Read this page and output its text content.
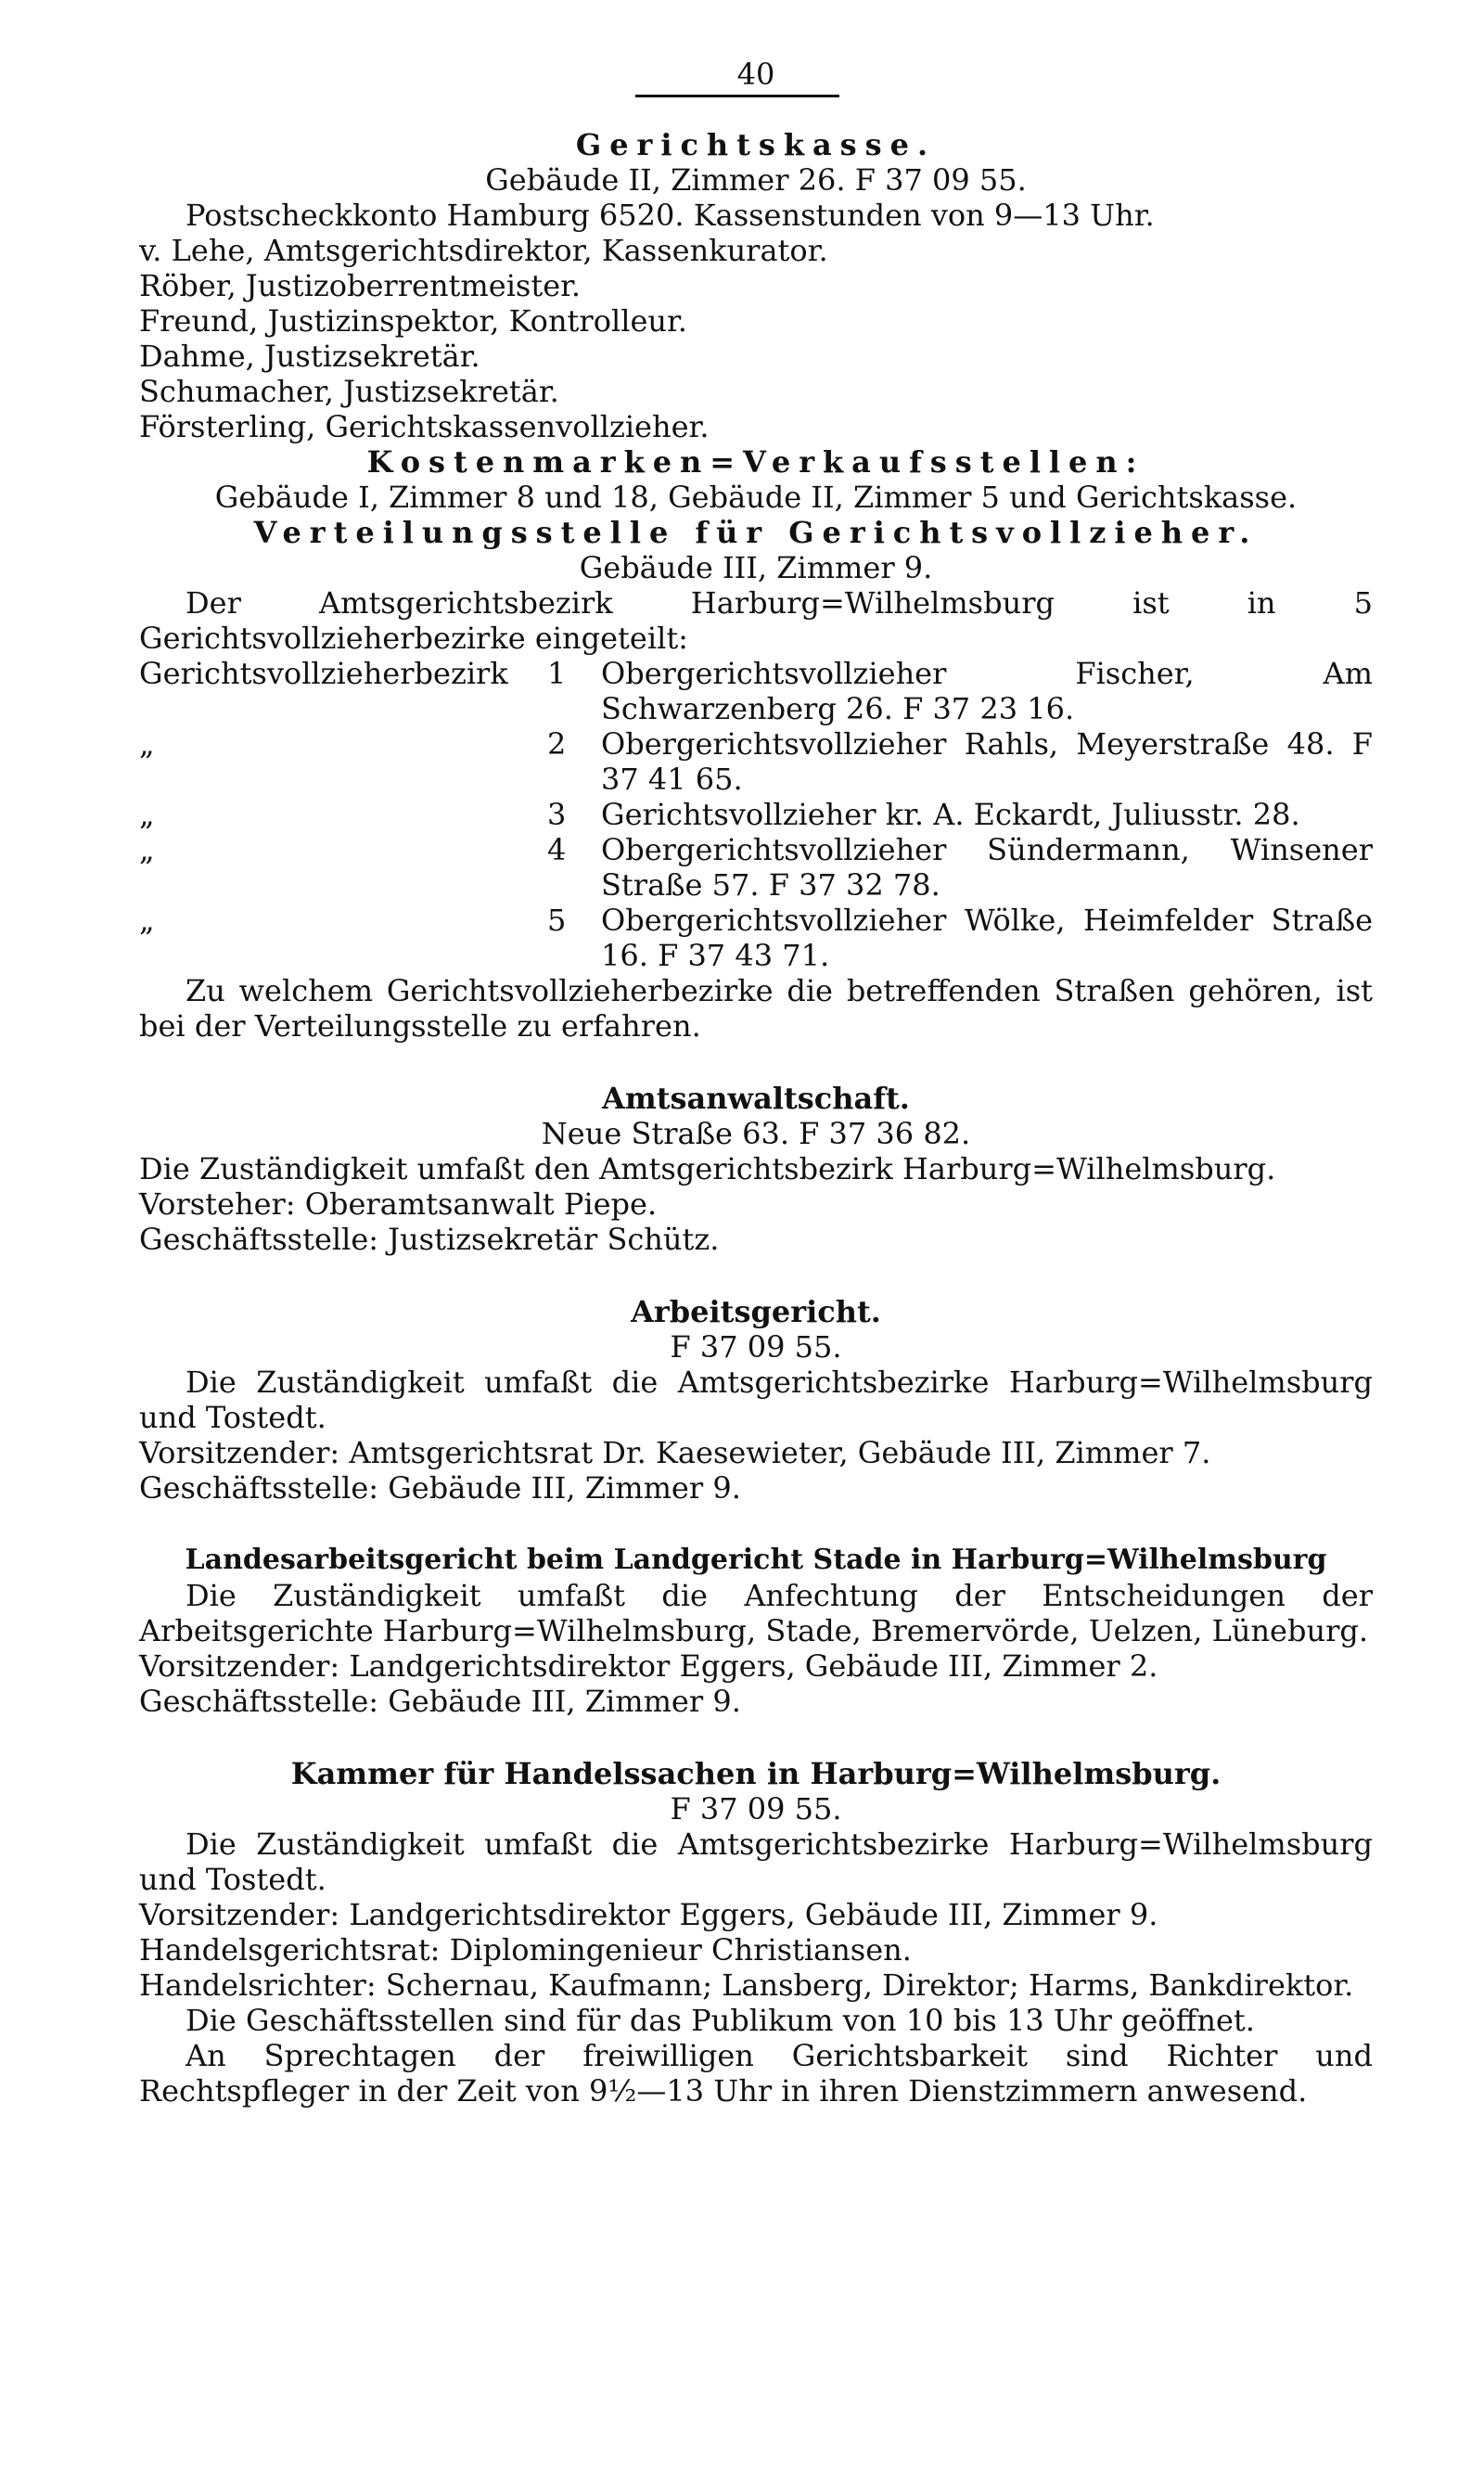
40
Gerichtskasse.
Gebäude II, Zimmer 26. F 37 09 55.
Postscheckkonto Hamburg 6520. Kassenstunden von 9—13 Uhr.
v. Lehe, Amtsgerichtsdirektor, Kassenkurator.
Röber, Justizoberrentmeister.
Freund, Justizinspektor, Kontrolleur.
Dahme, Justizsekretär.
Schumacher, Justizsekretär.
Försterling, Gerichtskassenvollzieher.
Kostenmarken=Verkaufsstellen:
Gebäude I, Zimmer 8 und 18, Gebäude II, Zimmer 5 und Gerichtskasse.
Verteilungsstelle für Gerichtsvollzieher.
Gebäude III, Zimmer 9.
Der Amtsgerichtsbezirk Harburg=Wilhelmsburg ist in 5 Gerichtsvollzieherbezirke eingeteilt:
Gerichtsvollzieherbezirk	1	Obergerichtsvollzieher Fischer, Am Schwarzenberg 26. F 37 23 16.
„	2	Obergerichtsvollzieher Rahls, Meyerstraße 48. F 37 41 65.
„	3	Gerichtsvollzieher kr. A. Eckardt, Juliusstr. 28.
„	4	Obergerichtsvollzieher Sündermann, Winsener Straße 57. F 37 32 78.
„	5	Obergerichtsvollzieher Wölke, Heimfelder Straße 16. F 37 43 71.
Zu welchem Gerichtsvollzieherbezirke die betreffenden Straßen gehören, ist bei der Verteilungsstelle zu erfahren.
Amtsanwaltschaft.
Neue Straße 63. F 37 36 82.
Die Zuständigkeit umfaßt den Amtsgerichtsbezirk Harburg=Wilhelmsburg.
Vorsteher: Oberamtsanwalt Piepe.
Geschäftsstelle: Justizsekretär Schütz.
Arbeitsgericht.
F 37 09 55.
Die Zuständigkeit umfaßt die Amtsgerichtsbezirke Harburg=Wilhelmsburg und Tostedt.
Vorsitzender: Amtsgerichtsrat Dr. Kaesewieter, Gebäude III, Zimmer 7.
Geschäftsstelle: Gebäude III, Zimmer 9.
Landesarbeitsgericht beim Landgericht Stade in Harburg=Wilhelmsburg
Die Zuständigkeit umfaßt die Anfechtung der Entscheidungen der Arbeitsgerichte Harburg=Wilhelmsburg, Stade, Bremervörde, Uelzen, Lüneburg.
Vorsitzender: Landgerichtsdirektor Eggers, Gebäude III, Zimmer 2.
Geschäftsstelle: Gebäude III, Zimmer 9.
Kammer für Handelssachen in Harburg=Wilhelmsburg.
F 37 09 55.
Die Zuständigkeit umfaßt die Amtsgerichtsbezirke Harburg=Wilhelmsburg und Tostedt.
Vorsitzender: Landgerichtsdirektor Eggers, Gebäude III, Zimmer 9.
Handelsgerichtsrat: Diplomingenieur Christiansen.
Handelsrichter: Schernau, Kaufmann; Lansberg, Direktor; Harms, Bankdirektor.
Die Geschäftsstellen sind für das Publikum von 10 bis 13 Uhr geöffnet.
An Sprechtagen der freiwilligen Gerichtsbarkeit sind Richter und Rechtspfleger in der Zeit von 9½—13 Uhr in ihren Dienstzimmern anwesend.
